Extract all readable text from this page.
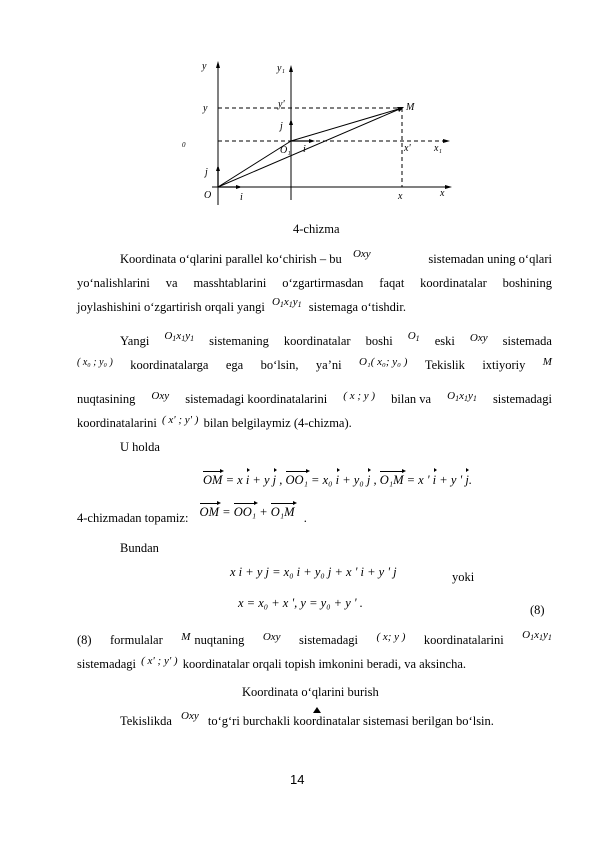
y	y₁
y	y'	M
j
O₁ i	x' x₁
0
j
O	i	x	x
4-chizma
Koordinata o‘qlarini parallel ko‘chirish – bu Oxy	sistemadan uning o‘qlari
yo‘nalishlarini va masshtablarini o‘zgartirmasdan faqat koordinatalar boshining
joylashishini o‘zgartirish orqali yangi $O_1x_1y_1$ sistemaga o‘tishdir.
Yangi $O_1x_1y_1$ sistemaning koordinatalar boshi $O_1$ eski Oxy sistemada
( x₀ ; y₀ ) koordinatalarga ega bo‘lsin, ya’ni O₁( x₀; y₀ ) Tekislik ixtiyoriy M
nuqtasining Oxy sistemadagi koordinatalarini ( x ; y ) bilan va $O_1x_1y_1$ sistemadagi
koordinatalarini ( x' ; y' ) bilan belgilaymiz (4-chizma).
U holda
OM = x i + y j , OO₁ = x₀ i + y₀ j , O₁M = x ' i + y ' j.
4-chizmadan topamiz: OM = OO₁ + O₁M .
Bundan
x i + y j = x₀ i + y₀ j + x ' i + y ' j	yoki
x = x₀ + x ', y = y₀ + y ' .	(8)
(8) formulalar M nuqtaning Oxy sistemadagi ( x; y ) koordinatalarini $O_1x_1y_1$
sistemadagi ( x' ; y' ) koordinatalar orqali topish imkonini beradi, va aksincha.
Koordinata o‘qlarini burish
Tekislikda Oxy to‘g‘ri burchakli koordinatalar sistemasi berilgan bo‘lsin.
14
